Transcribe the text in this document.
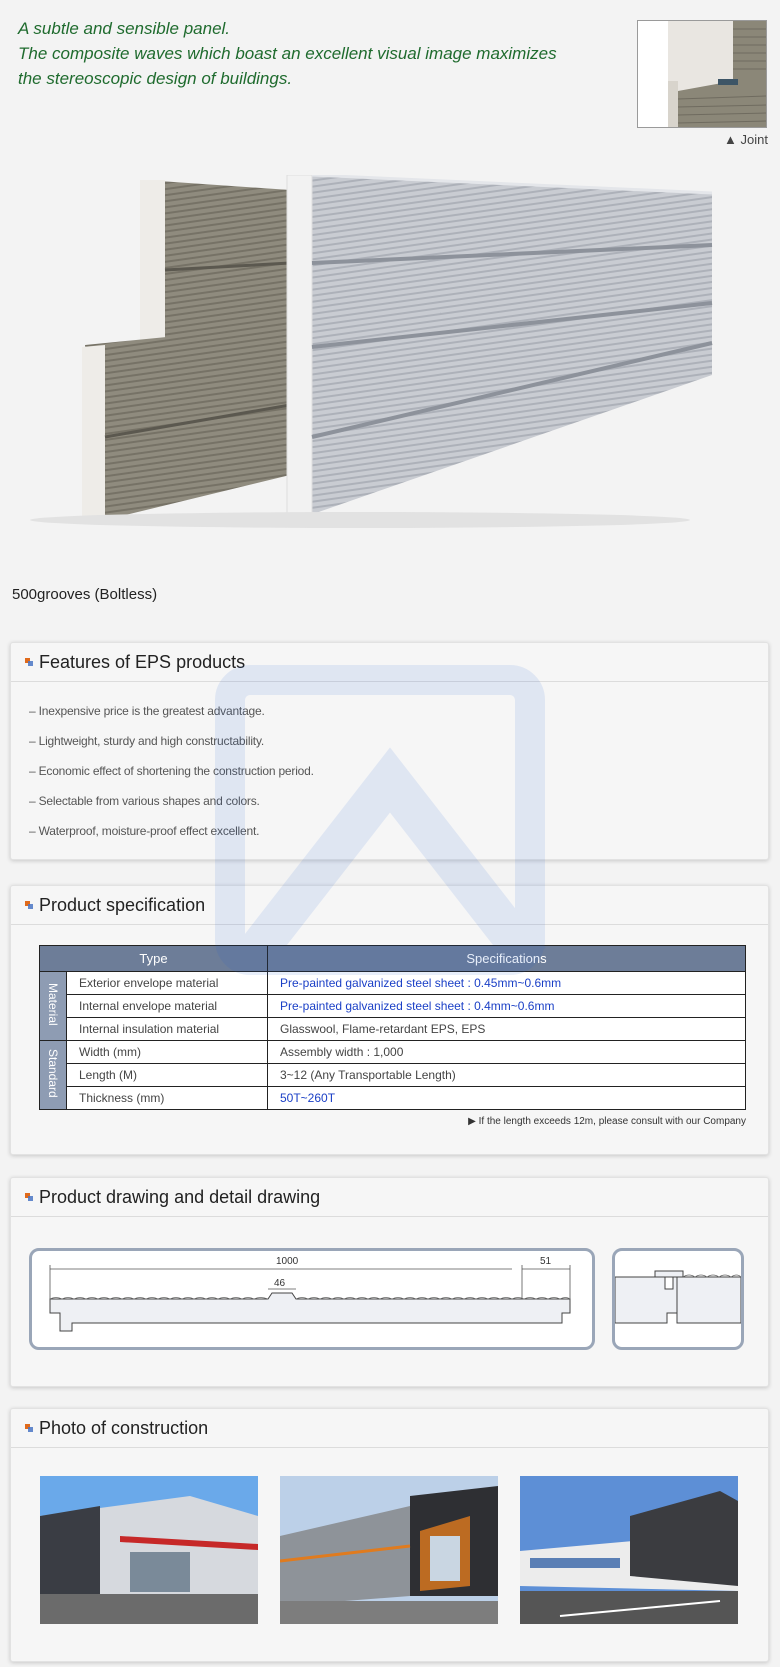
A subtle and sensible panel.
The composite waves which boast an excellent visual image maximizes
the stereoscopic design of buildings.
▲ Joint
500grooves (Boltless)
Features of EPS products
– Inexpensive price is the greatest advantage.
– Lightweight, sturdy and high constructability.
– Economic effect of shortening the construction period.
– Selectable from various shapes and colors.
– Waterproof, moisture-proof effect excellent.
Product specification
Type		Specifications
Material	Exterior envelope material	Pre-painted galvanized steel sheet : 0.45mm~0.6mm
	Internal envelope material	Pre-painted galvanized steel sheet : 0.4mm~0.6mm
	Internal insulation material	Glasswool, Flame-retardant EPS, EPS
Standard	Width (mm)	Assembly width : 1,000
	Length (M)	3~12 (Any Transportable Length)
	Thickness (mm)	50T~260T
▶ If the length exceeds 12m, please consult with our Company
Product drawing and detail drawing
1000	51
46
Photo of construction
